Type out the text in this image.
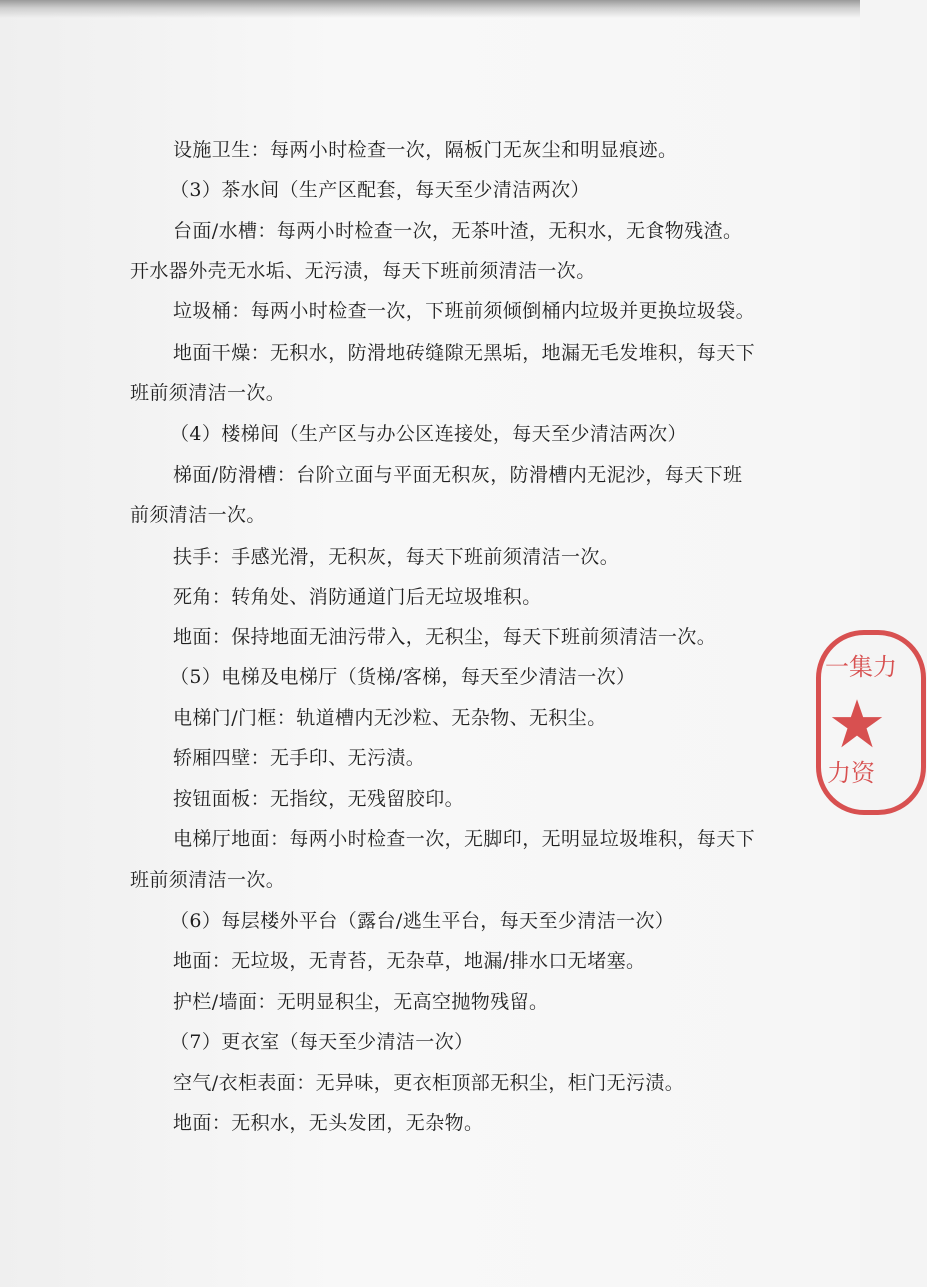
设施卫生：每两小时检查一次，隔板门无灰尘和明显痕迹。
（3）茶水间（生产区配套，每天至少清洁两次）
台面/水槽：每两小时检查一次，无茶叶渣，无积水，无食物残渣。
开水器外壳无水垢、无污渍，每天下班前须清洁一次。
垃圾桶：每两小时检查一次，下班前须倾倒桶内垃圾并更换垃圾袋。
地面干燥：无积水，防滑地砖缝隙无黑垢，地漏无毛发堆积，每天下
班前须清洁一次。
（4）楼梯间（生产区与办公区连接处，每天至少清洁两次）
梯面/防滑槽：台阶立面与平面无积灰，防滑槽内无泥沙，每天下班
前须清洁一次。
扶手：手感光滑，无积灰，每天下班前须清洁一次。
死角：转角处、消防通道门后无垃圾堆积。
地面：保持地面无油污带入，无积尘，每天下班前须清洁一次。
（5）电梯及电梯厅（货梯/客梯，每天至少清洁一次）
电梯门/门框：轨道槽内无沙粒、无杂物、无积尘。
轿厢四壁：无手印、无污渍。
按钮面板：无指纹，无残留胶印。
电梯厅地面：每两小时检查一次，无脚印，无明显垃圾堆积，每天下
班前须清洁一次。
（6）每层楼外平台（露台/逃生平台，每天至少清洁一次）
地面：无垃圾，无青苔，无杂草，地漏/排水口无堵塞。
护栏/墙面：无明显积尘，无高空抛物残留。
（7）更衣室（每天至少清洁一次）
空气/衣柜表面：无异味，更衣柜顶部无积尘，柜门无污渍。
地面：无积水，无头发团，无杂物。
⼀集⼒
力资
